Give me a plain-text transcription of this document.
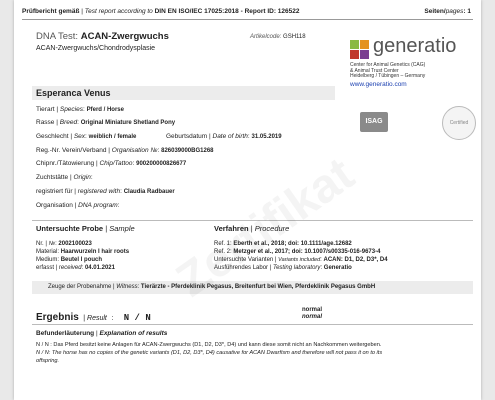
Prüfbericht gemäß | Test report according to DIN EN ISO/IEC 17025:2018 - Report ID: 126522	Seiten/pages: 1
DNA Test: ACAN-Zwergwuchs	Artikelcode: GSH118
ACAN-Zwergwuchs/Chondrodysplasie	generatio
Center for Animal Genetics (CAG)
& Animal Trust Center
Heidelberg / Tübingen – Germany
www.generatio.com
Esperanca Venus
Tierart | Species: Pferd / Horse
Rasse | Breed: Original Miniature Shetland Pony
Geschlecht | Sex: weiblich / female	Geburtsdatum | Date of birth: 31.05.2019
Reg.-Nr. Verein/Verband | Organisation №: 826039000BG1268
Chipnr./Tätowierung | Chip/Tattoo: 900200000826677
Zuchtstätte | Origin:
registriert für | registered with: Claudia Radbauer
Organisation | DNA program:
ISAG	Certified
Untersuchte Probe | Sample	Verfahren | Procedure
Nr. | №: 2002100023
Material: Haarwurzeln I hair roots
Medium: Beutel I pouch
erfasst | received: 04.01.2021
Ref. 1: Eberth et al., 2018; doi: 10.1111/age.12682
Ref. 2: Metzger et al., 2017; doi: 10.1007/s00335-016-9673-4
Untersuchte Varianten | Variants included: ACAN: D1, D2, D3*, D4
Ausführendes Labor | Testing laboratory: Generatio
Zeuge der Probenahme | Witness: Tierärzte - Pferdeklinik Pegasus, Breitenfurt bei Wien, Pferdeklinik Pegasus GmbH
Ergebnis | Result : N / N
normal
normal
Befunderläuterung | Explanation of results
N / N : Das Pferd besitzt keine Anlagen für ACAN-Zwergwuchs (D1, D2, D3*, D4) und kann diese somit nicht an Nachkommen weitergeben.
N / N: The horse has no copies of the genetic variants (D1, D2, D3*, D4) causative for ACAN Dwarfism and therefore will not pass it on to its
offspring.
